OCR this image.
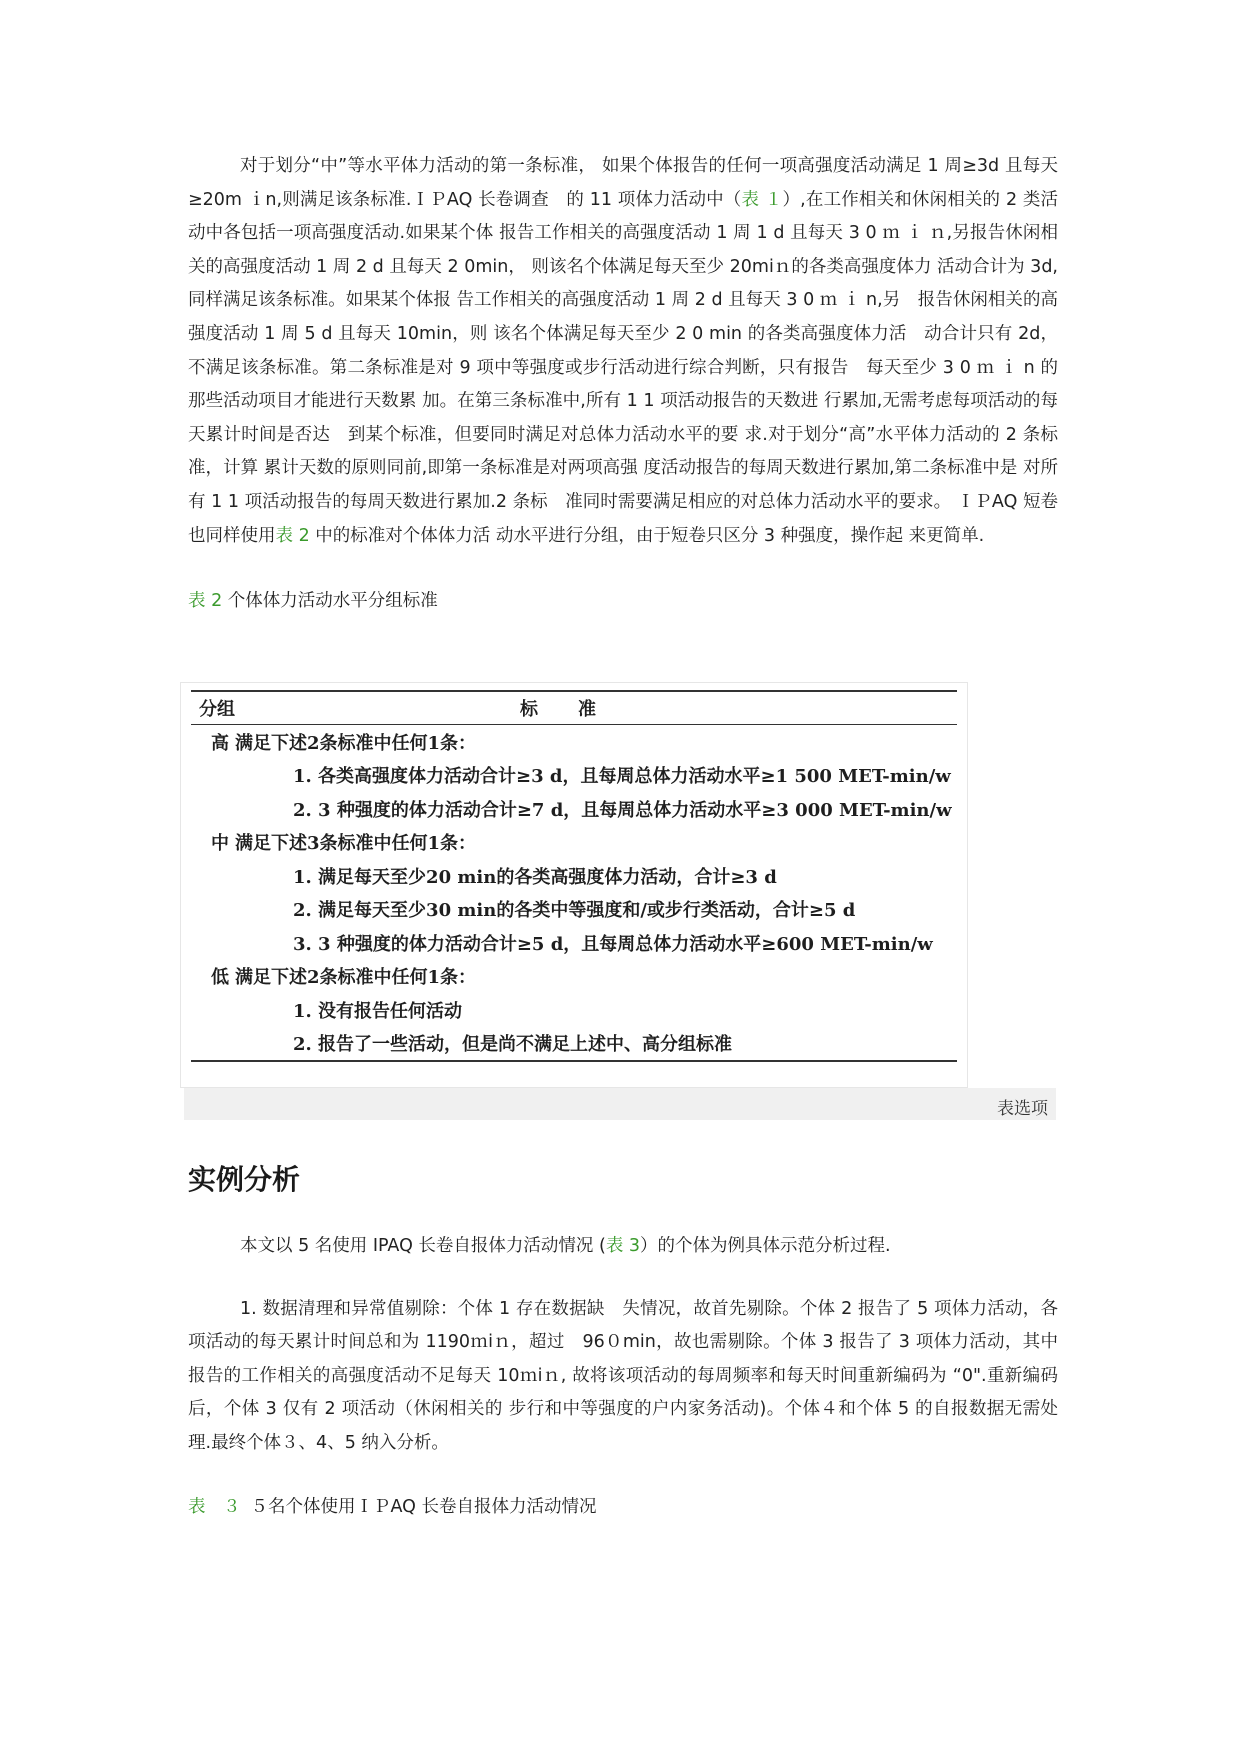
对于划分“中”等水平体力活动的第一条标准， 如果个体报告的任何一项高强度活动满足 1 周≥3d 且每天≥20m ｉn,则满足该条标准.ＩＰAQ 长卷调查　的 11 项体力活动中（表 １）,在工作相关和休闲相关的 2 类活动中各包括一项高强度活动.如果某个体 报告工作相关的高强度活动 1 周 1 d 且每天 3 0 ｍ ｉ ｎ,另报告休闲相关的高强度活动 1 周 2 d 且每天 2 0min， 则该名个体满足每天至少 20miｎ的各类高强度体力 活动合计为 3d,同样满足该条标准。如果某个体报 告工作相关的高强度活动 1 周 2 d 且每天 3 0 ｍ ｉ n,另　报告休闲相关的高强度活动 1 周 5 d 且每天 10min，则 该名个体满足每天至少 2 0 min 的各类高强度体力活　动合计只有 2d，不满足该条标准。第二条标准是对 9 项中等强度或步行活动进行综合判断，只有报告　每天至少 3 0 ｍ ｉ n 的那些活动项目才能进行天数累 加。在第三条标准中,所有 1 1 项活动报告的天数进 行累加,无需考虑每项活动的每天累计时间是否达　到某个标准，但要同时满足对总体力活动水平的要 求.对于划分“高”水平体力活动的 2 条标准，计算 累计天数的原则同前,即第一条标准是对两项高强 度活动报告的每周天数进行累加,第二条标准中是 对所有 1 1 项活动报告的每周天数进行累加.2 条标　准同时需要满足相应的对总体力活动水平的要求。 ＩＰAQ 短卷也同样使用表 2 中的标准对个体体力活 动水平进行分组，由于短卷只区分 3 种强度，操作起 来更简单.

表 2 个体体力活动水平分组标准

分组	标准
高 满足下述2条标准中任何1条：
1. 各类高强度体力活动合计≥3 d，且每周总体力活动水平≥1 500 MET-min/w
2. 3 种强度的体力活动合计≥7 d，且每周总体力活动水平≥3 000 MET-min/w
中 满足下述3条标准中任何1条：
1. 满足每天至少20 min的各类高强度体力活动，合计≥3 d
2. 满足每天至少30 min的各类中等强度和/或步行类活动，合计≥5 d
3. 3 种强度的体力活动合计≥5 d，且每周总体力活动水平≥600 MET-min/w
低 满足下述2条标准中任何1条：
1. 没有报告任何活动
2. 报告了一些活动，但是尚不满足上述中、高分组标准
表选项
实例分析

本文以 5 名使用 IPAQ 长卷自报体力活动情况 (表 3）的个体为例具体示范分析过程.

1. 数据清理和异常值剔除：个体 1 存在数据缺　失情况，故首先剔除。个体 2 报告了 5 项体力活动，各项活动的每天累计时间总和为 1190ｍiｎ，超过　96０min，故也需剔除。个体 3 报告了 3 项体力活动，其中报告的工作相关的高强度活动不足每天 10ｍiｎ, 故将该项活动的每周频率和每天时间重新编码为 “0".重新编码后，个体 3 仅有 2 项活动（休闲相关的 步行和中等强度的户内家务活动)。个体４和个体 5 的自报数据无需处理.最终个体３、4、5 纳入分析。

表　３ ５名个体使用ＩＰAQ 长卷自报体力活动情况
